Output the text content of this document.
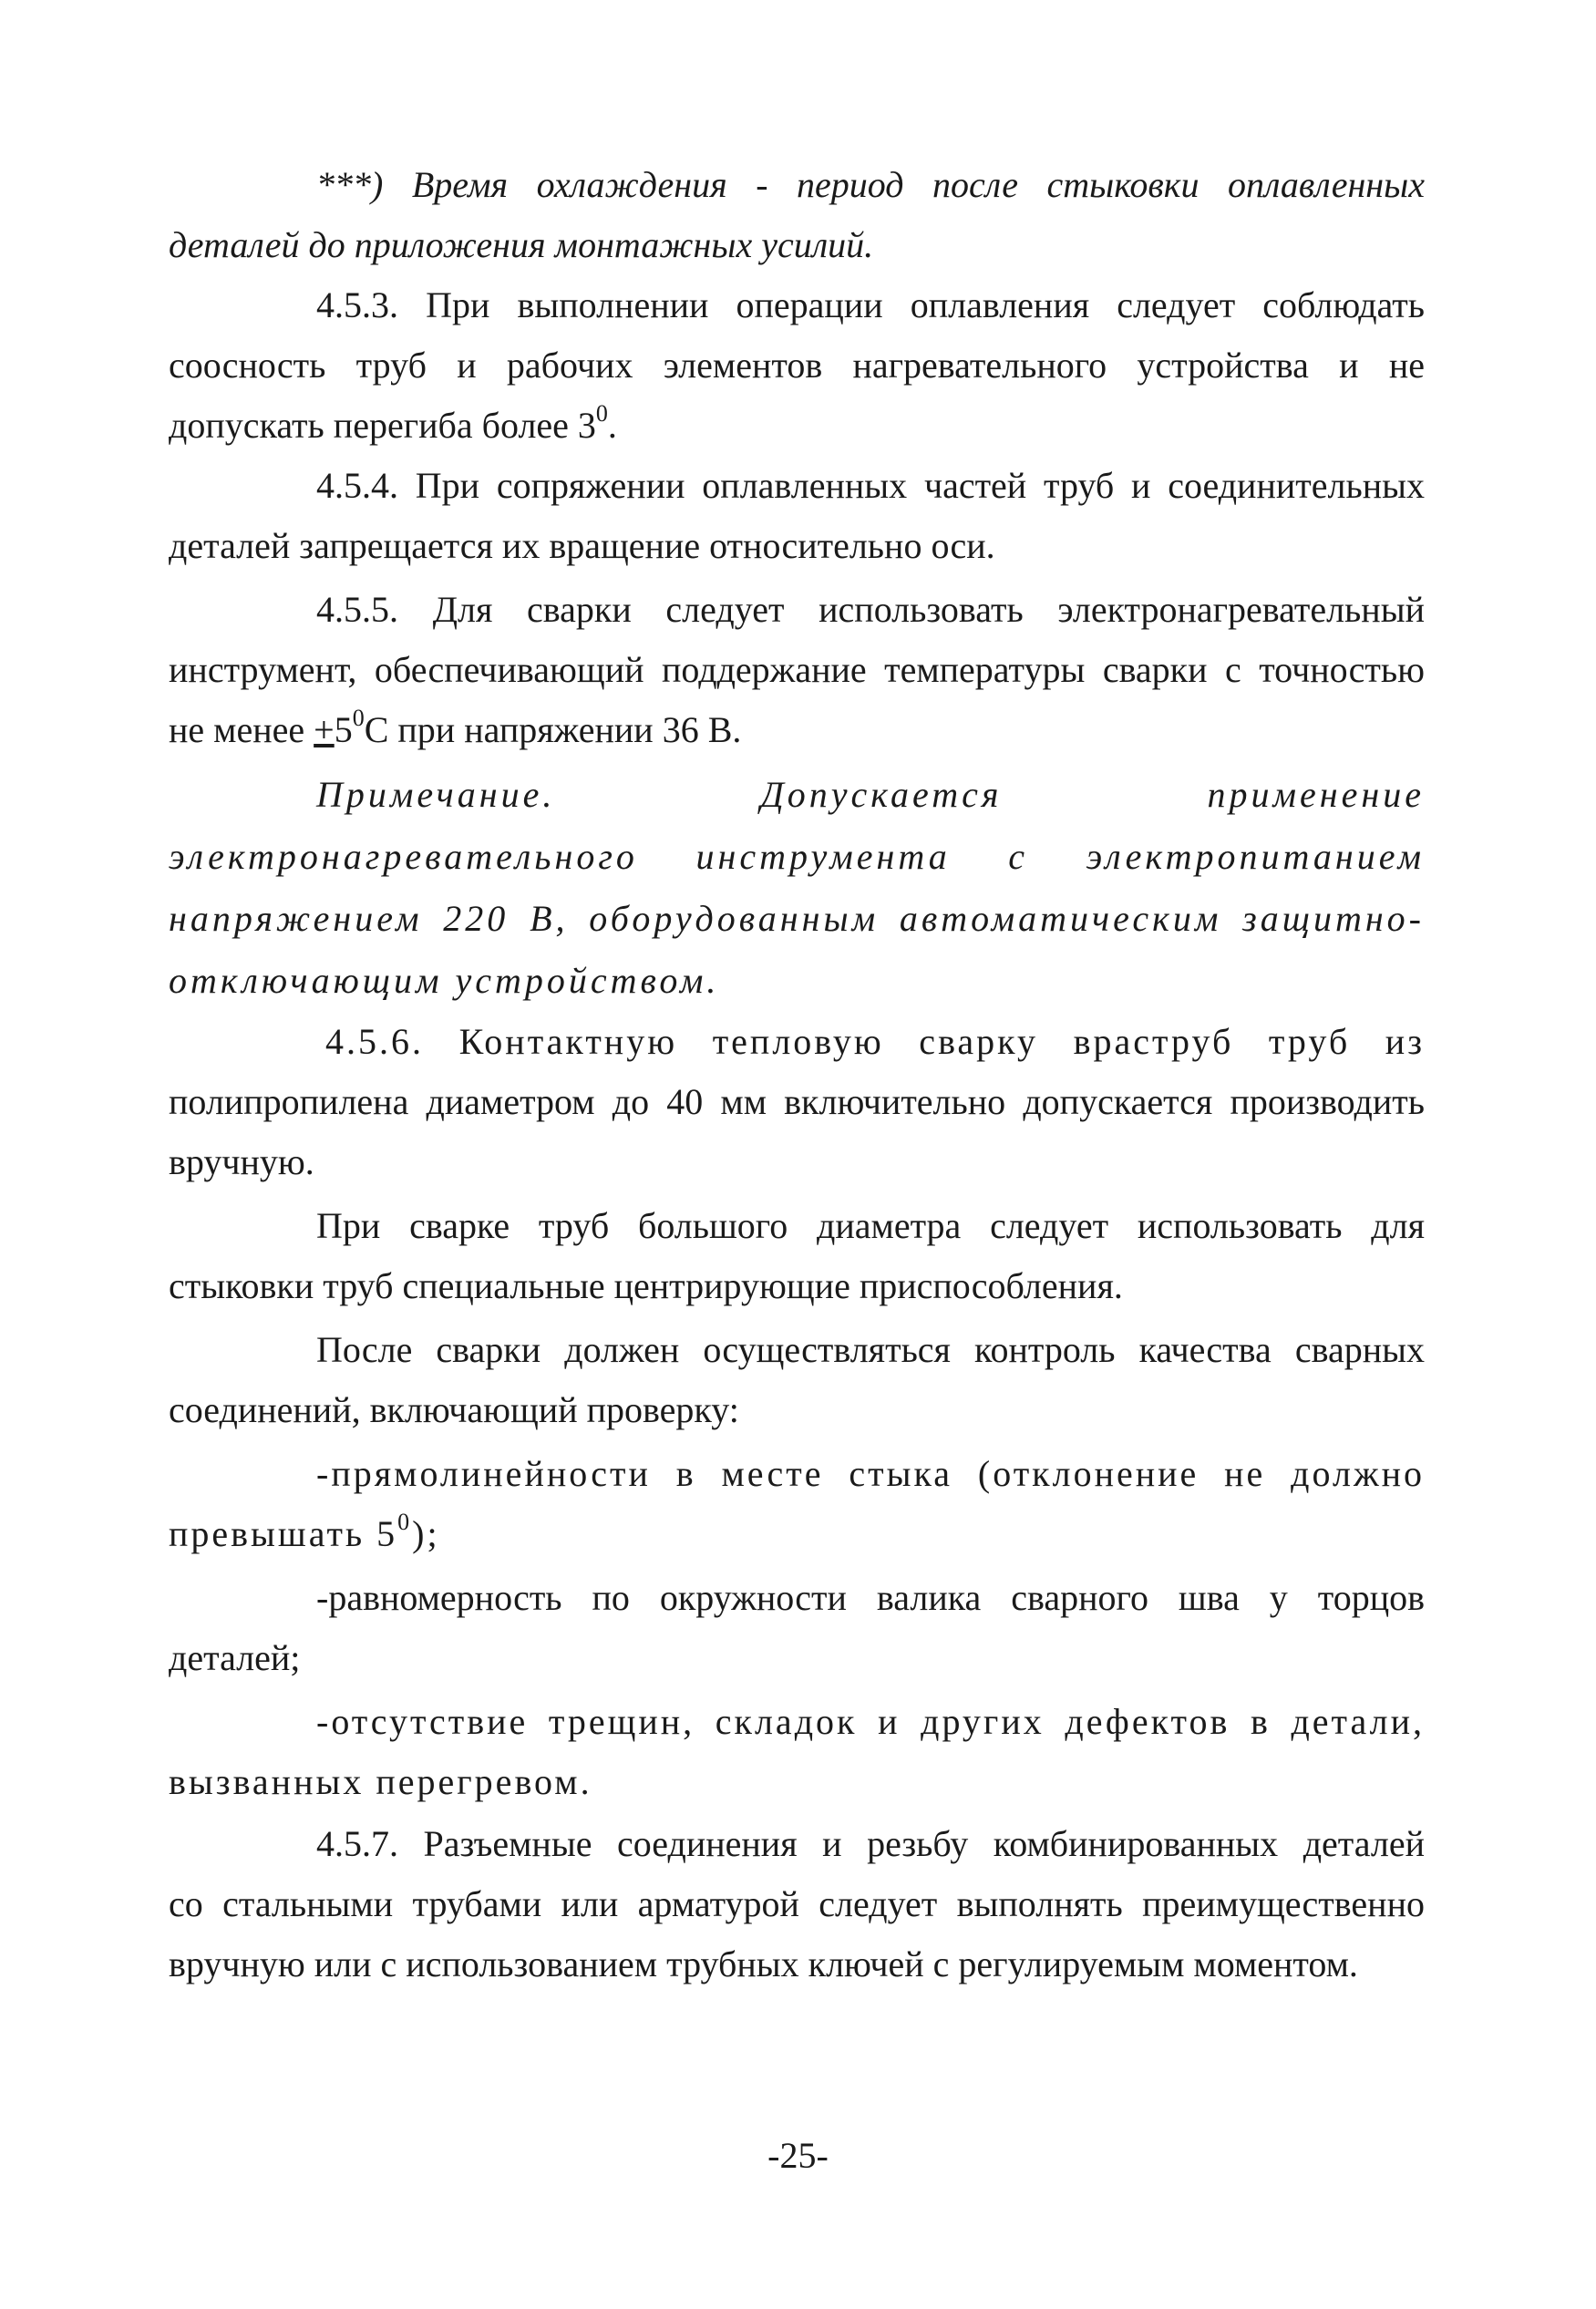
***) Время охлаждения - период после стыковки оплавленных
деталей до приложения монтажных усилий.
4.5.3. При выполнении операции оплавления следует соблюдать
соосность труб и рабочих элементов нагревательного устройства и не
допускать перегиба более $3^0$.
4.5.4. При сопряжении оплавленных частей труб и соединительных
деталей запрещается их вращение относительно оси.
4.5.5. Для сварки следует использовать электронагревательный
инструмент, обеспечивающий поддержание температуры сварки с точностью
не менее $+5^0С$ при напряжении 36 В.
Примечание. Допускается применение
электронагревательного инструмента с электропитанием
напряжением 220 В, оборудованным автоматическим защитно-
отключающим устройством.
4.5.6. Контактную тепловую сварку враструб труб из
полипропилена диаметром до 40 мм включительно допускается производить
вручную.
При сварке труб большого диаметра следует использовать для
стыковки труб специальные центрирующие приспособления.
После сварки должен осуществляться контроль качества сварных
соединений, включающий проверку:
-прямолинейности в месте стыка (отклонение не должно
превышать $5^0$);
-равномерность по окружности валика сварного шва у торцов
деталей;
-отсутствие трещин, складок и других дефектов в детали,
вызванных перегревом.
4.5.7. Разъемные соединения и резьбу комбинированных деталей
со стальными трубами или арматурой следует выполнять преимущественно
вручную или с использованием трубных ключей с регулируемым моментом.
-25-
